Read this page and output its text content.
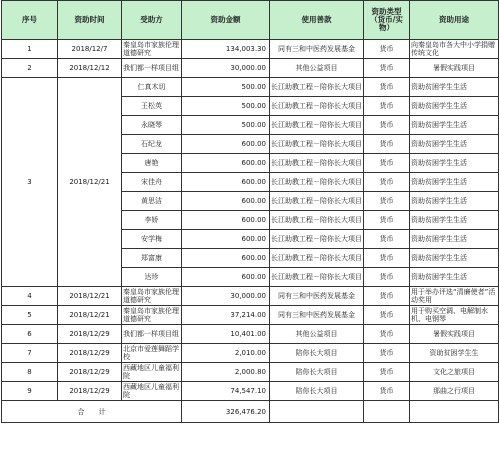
序号	资助时间	受助方	资助金额	使用善款	资助类型（货币/实物）	资助用途
1	2018/12/7	秦皇岛市家族伦理道德研究	134,003.30	同有三和中医药发展基金	货币	向秦皇岛市各大中小学捐赠传统文化
2	2018/12/12	我们都一样项目组	30,000.00	其他公益项目	货币	暑假实践项目
3	2018/12/21	仁真木切	500.00	长江助教工程－陪你长大项目	货币	资助贫困学生生活
		王松英	500.00	长江助教工程－陪你长大项目	货币	资助贫困学生生活
		永晓琴	500.00	长江助教工程－陪你长大项目	货币	资助贫困学生生活
		石纪龙	600.00	长江助教工程－陪你长大项目	货币	资助贫困学生生活
		唐艳	600.00	长江助教工程－陪你长大项目	货币	资助贫困学生生活
		宋佳舟	600.00	长江助教工程－陪你长大项目	货币	资助贫困学生生活
		黄思洁	600.00	长江助教工程－陪你长大项目	货币	资助贫困学生生活
		李娇	600.00	长江助教工程－陪你长大项目	货币	资助贫困学生生活
		安学梅	600.00	长江助教工程－陪你长大项目	货币	资助贫困学生生活
		郑富康	600.00	长江助教工程－陪你长大项目	货币	资助贫困学生生活
		达珍	600.00	长江助教工程－陪你长大项目	货币	资助贫困学生生活
4	2018/12/21	秦皇岛市家族伦理道德研究	30,000.00	同有三和中医药发展基金	货币	用于举办评选“清廉使者”活动奖用
5	2018/12/21	秦皇岛市家族伦理道德研究	37,214.00	同有三和中医药发展基金	货币	用于购买空调、电解制水机、电钢琴
6	2018/12/29	我们都一样项目组	10,401.00	其他公益项目	货币	暑假实践项目
7	2018/12/29	北京市爱莲舞蹈学校	2,010.00	陪你长大项目	货币	资助贫困学生生
8	2018/12/29	西藏地区儿童福利院	2,000.80	陪你长大项目	货币	文化之旅项目
9	2018/12/29	西藏地区儿童福利院	74,547.10	陪你长大项目	货币	那曲之行项目
合　　计			326,476.20			
